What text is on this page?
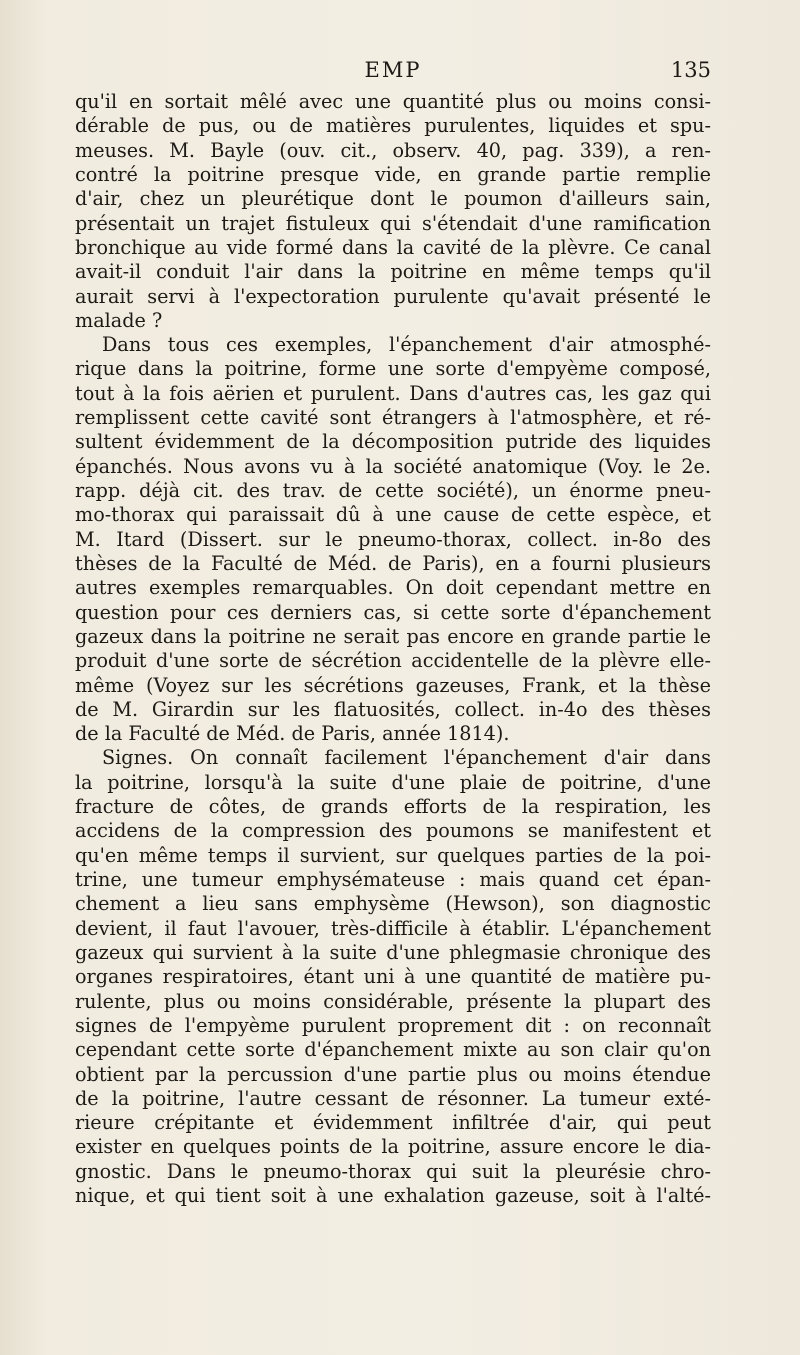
EMP	135
qu'il en sortait mêlé avec une quantité plus ou moins consi-
dérable de pus, ou de matières purulentes, liquides et spu-
meuses. M. Bayle (ouv. cit., observ. 40, pag. 339), a ren-
contré la poitrine presque vide, en grande partie remplie
d'air, chez un pleurétique dont le poumon d'ailleurs sain,
présentait un trajet fistuleux qui s'étendait d'une ramification
bronchique au vide formé dans la cavité de la plèvre. Ce canal
avait-il conduit l'air dans la poitrine en même temps qu'il
aurait servi à l'expectoration purulente qu'avait présenté le
malade ?
Dans tous ces exemples, l'épanchement d'air atmosphé-
rique dans la poitrine, forme une sorte d'empyème composé,
tout à la fois aërien et purulent. Dans d'autres cas, les gaz qui
remplissent cette cavité sont étrangers à l'atmosphère, et ré-
sultent évidemment de la décomposition putride des liquides
épanchés. Nous avons vu à la société anatomique (Voy. le 2e.
rapp. déjà cit. des trav. de cette société), un énorme pneu-
mo-thorax qui paraissait dû à une cause de cette espèce, et
M. Itard (Dissert. sur le pneumo-thorax, collect. in-8o des
thèses de la Faculté de Méd. de Paris), en a fourni plusieurs
autres exemples remarquables. On doit cependant mettre en
question pour ces derniers cas, si cette sorte d'épanchement
gazeux dans la poitrine ne serait pas encore en grande partie le
produit d'une sorte de sécrétion accidentelle de la plèvre elle-
même (Voyez sur les sécrétions gazeuses, Frank, et la thèse
de M. Girardin sur les flatuosités, collect. in-4o des thèses
de la Faculté de Méd. de Paris, année 1814).
Signes. On connaît facilement l'épanchement d'air dans
la poitrine, lorsqu'à la suite d'une plaie de poitrine, d'une
fracture de côtes, de grands efforts de la respiration, les
accidens de la compression des poumons se manifestent et
qu'en même temps il survient, sur quelques parties de la poi-
trine, une tumeur emphysémateuse : mais quand cet épan-
chement a lieu sans emphysème (Hewson), son diagnostic
devient, il faut l'avouer, très-difficile à établir. L'épanchement
gazeux qui survient à la suite d'une phlegmasie chronique des
organes respiratoires, étant uni à une quantité de matière pu-
rulente, plus ou moins considérable, présente la plupart des
signes de l'empyème purulent proprement dit : on reconnaît
cependant cette sorte d'épanchement mixte au son clair qu'on
obtient par la percussion d'une partie plus ou moins étendue
de la poitrine, l'autre cessant de résonner. La tumeur exté-
rieure crépitante et évidemment infiltrée d'air, qui peut
exister en quelques points de la poitrine, assure encore le dia-
gnostic. Dans le pneumo-thorax qui suit la pleurésie chro-
nique, et qui tient soit à une exhalation gazeuse, soit à l'alté-
